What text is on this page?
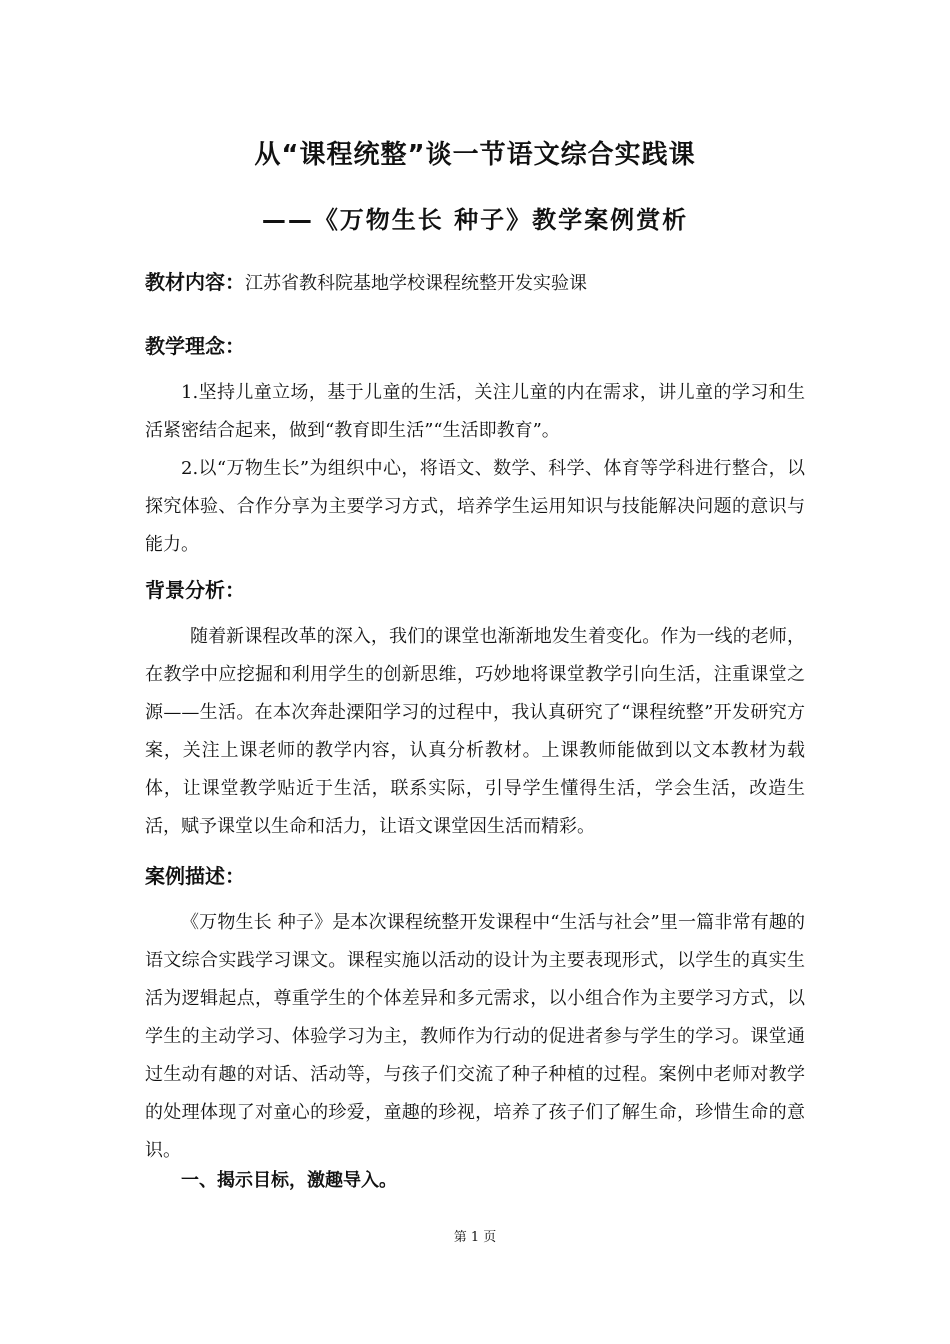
从“课程统整”谈一节语文综合实践课
——《万物生长 种子》教学案例赏析
教材内容：江苏省教科院基地学校课程统整开发实验课
教学理念：

1.坚持儿童立场，基于儿童的生活，关注儿童的内在需求，讲儿童的学习和生活紧密结合起来，做到“教育即生活”“生活即教育”。

2.以“万物生长”为组织中心，将语文、数学、科学、体育等学科进行整合，以探究体验、合作分享为主要学习方式，培养学生运用知识与技能解决问题的意识与能力。

背景分析：

随着新课程改革的深入，我们的课堂也渐渐地发生着变化。作为一线的老师，在教学中应挖掘和利用学生的创新思维，巧妙地将课堂教学引向生活，注重课堂之源——生活。在本次奔赴溧阳学习的过程中，我认真研究了“课程统整”开发研究方案，关注上课老师的教学内容，认真分析教材。上课教师能做到以文本教材为载体，让课堂教学贴近于生活，联系实际，引导学生懂得生活，学会生活，改造生活，赋予课堂以生命和活力，让语文课堂因生活而精彩。

案例描述：

《万物生长 种子》是本次课程统整开发课程中“生活与社会”里一篇非常有趣的语文综合实践学习课文。课程实施以活动的设计为主要表现形式，以学生的真实生活为逻辑起点，尊重学生的个体差异和多元需求，以小组合作为主要学习方式，以学生的主动学习、体验学习为主，教师作为行动的促进者参与学生的学习。课堂通过生动有趣的对话、活动等，与孩子们交流了种子种植的过程。案例中老师对教学的处理体现了对童心的珍爱，童趣的珍视，培养了孩子们了解生命，珍惜生命的意识。

一、揭示目标，激趣导入。

第 1 页
